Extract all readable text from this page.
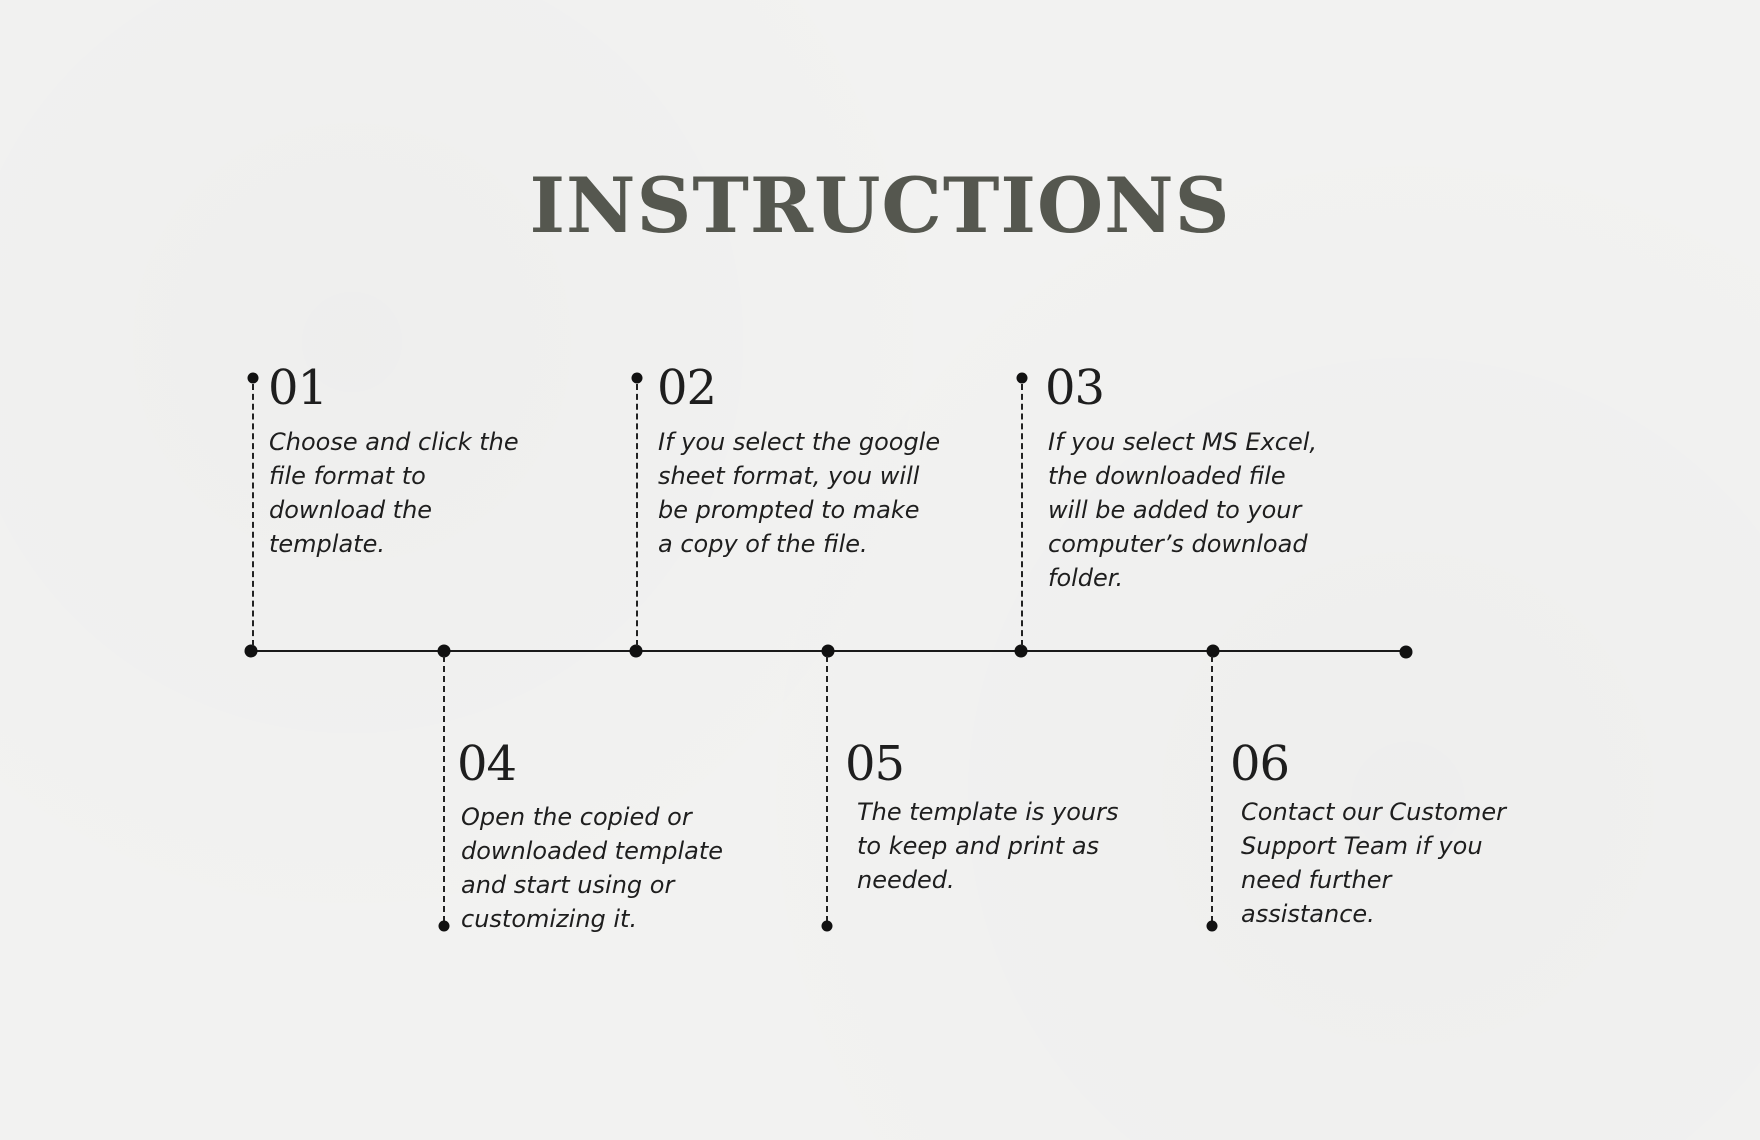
INSTRUCTIONS
01
Choose and click the
file format to
download the
template.
02
If you select the google
sheet format, you will
be prompted to make
a copy of the file.
03
If you select MS Excel,
the downloaded file
will be added to your
computer’s download
folder.
04
Open the copied or
downloaded template
and start using or
customizing it.
05
The template is yours
to keep and print as
needed.
06
Contact our Customer
Support Team if you
need further
assistance.
